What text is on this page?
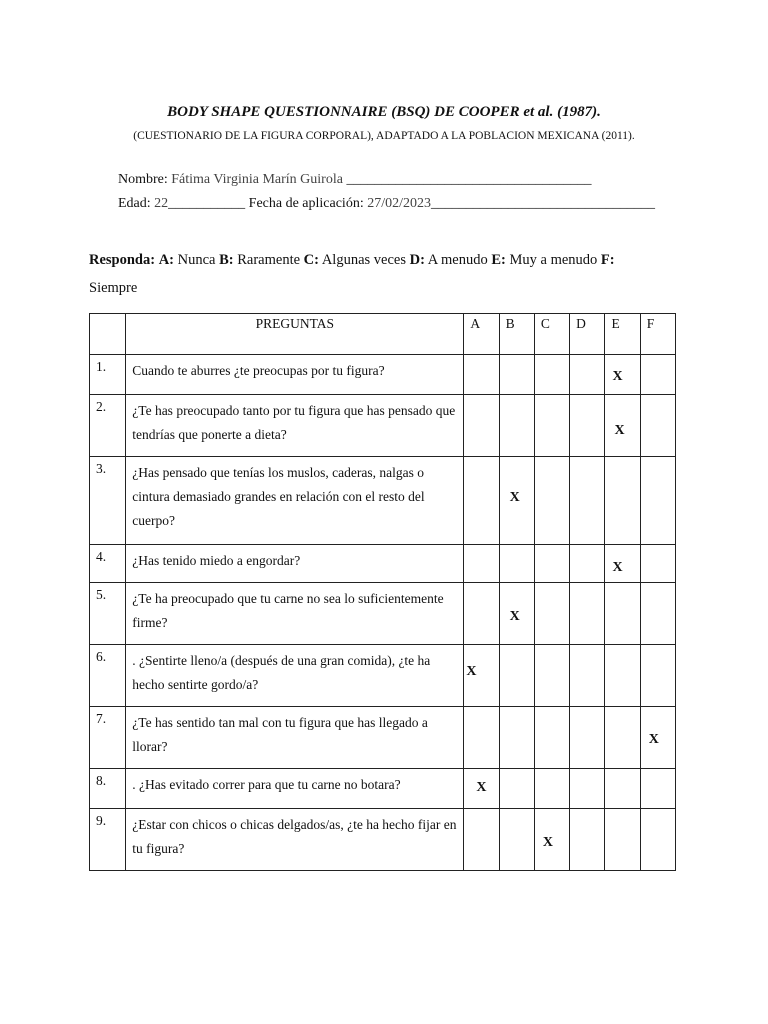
BODY SHAPE QUESTIONNAIRE (BSQ) DE COOPER et al. (1987).
(CUESTIONARIO DE LA FIGURA CORPORAL), ADAPTADO A LA POBLACION MEXICANA (2011).
Nombre: Fátima Virginia Marín Guirola ___________________________________
Edad: 22___________ Fecha de aplicación: 27/02/2023________________________________
Responda: A: Nunca B: Raramente C: Algunas veces D: A menudo E: Muy a menudo F: Siempre
	PREGUNTAS	A	B	C	D	E	F
1.	Cuando te aburres ¿te preocupas por tu figura?					X	

2.	¿Te has preocupado tanto por tu figura que has pensado que tendrías que ponerte a dieta?					X	

3.	¿Has pensado que tenías los muslos, caderas, nalgas o cintura demasiado grandes en relación con el resto del cuerpo?		X				

4.	¿Has tenido miedo a engordar?					X	

5.	¿Te ha preocupado que tu carne no sea lo suficientemente firme?		X				

6.	. ¿Sentirte lleno/a (después de una gran comida), ¿te ha hecho sentirte gordo/a?	X					

7.	¿Te has sentido tan mal con tu figura que has llegado a llorar?						X

8.	. ¿Has evitado correr para que tu carne no botara?	X					

9.	¿Estar con chicos o chicas delgados/as, ¿te ha hecho fijar en tu figura?			X			
